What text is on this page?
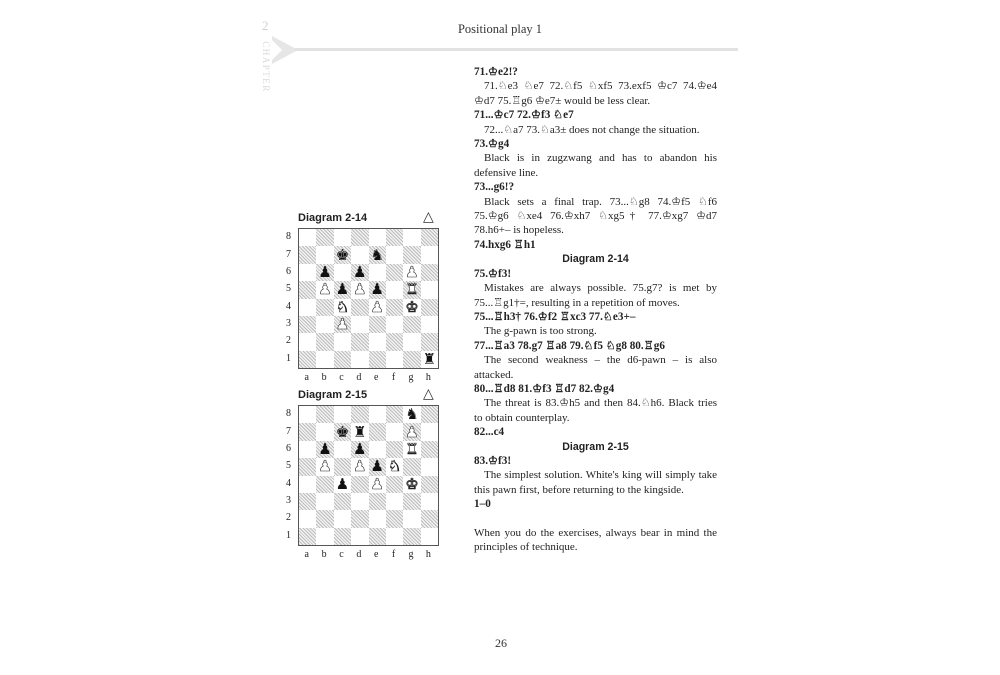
2
CHAPTER
Positional play 1
Diagram 2-14	△
8
7
6
5
4
3
2
1
♚ ♞
♟ ♟	♟
♟ ♟ ♟ ♟ ♜
♞ ♟ ♚
♟
♜
a	b	c	d	e	f	g	h
Diagram 2-15	△
8
7
6
5
4
3
2
1
♞
♚ ♜	♟
♟ ♟	♜
♟ ♟ ♟ ♞
♟ ♟ ♚
a	b	c	d	e	f	g	h

71.♔e2!?

71.♘e3 ♘e7 72.♘f5 ♘xf5 73.exf5 ♔c7 74.♔e4 ♔d7 75.♖g6 ♔e7± would be less clear.

71...♔c7 72.♔f3 ♘e7

72...♘a7 73.♘a3± does not change the situation.

73.♔g4

Black is in zugzwang and has to abandon his defensive line.

73...g6!?

Black sets a final trap. 73...♘g8 74.♔f5 ♘f6 75.♔g6 ♘xe4 76.♔xh7 ♘xg5† 77.♔xg7 ♔d7 78.h6+– is hopeless.

74.hxg6 ♖h1

Diagram 2-14

75.♔f3!

Mistakes are always possible. 75.g7? is met by 75...♖g1†=, resulting in a repetition of moves.

75...♖h3† 76.♔f2 ♖xc3 77.♘e3+–

The g-pawn is too strong.

77...♖a3 78.g7 ♖a8 79.♘f5 ♘g8 80.♖g6

The second weakness – the d6-pawn – is also attacked.

80...♖d8 81.♔f3 ♖d7 82.♔g4

The threat is 83.♔h5 and then 84.♘h6. Black tries to obtain counterplay.

82...c4

Diagram 2-15

83.♔f3!

The simplest solution. White's king will simply take this pawn first, before returning to the kingside.

1–0

When you do the exercises, always bear in mind the principles of technique.

26
